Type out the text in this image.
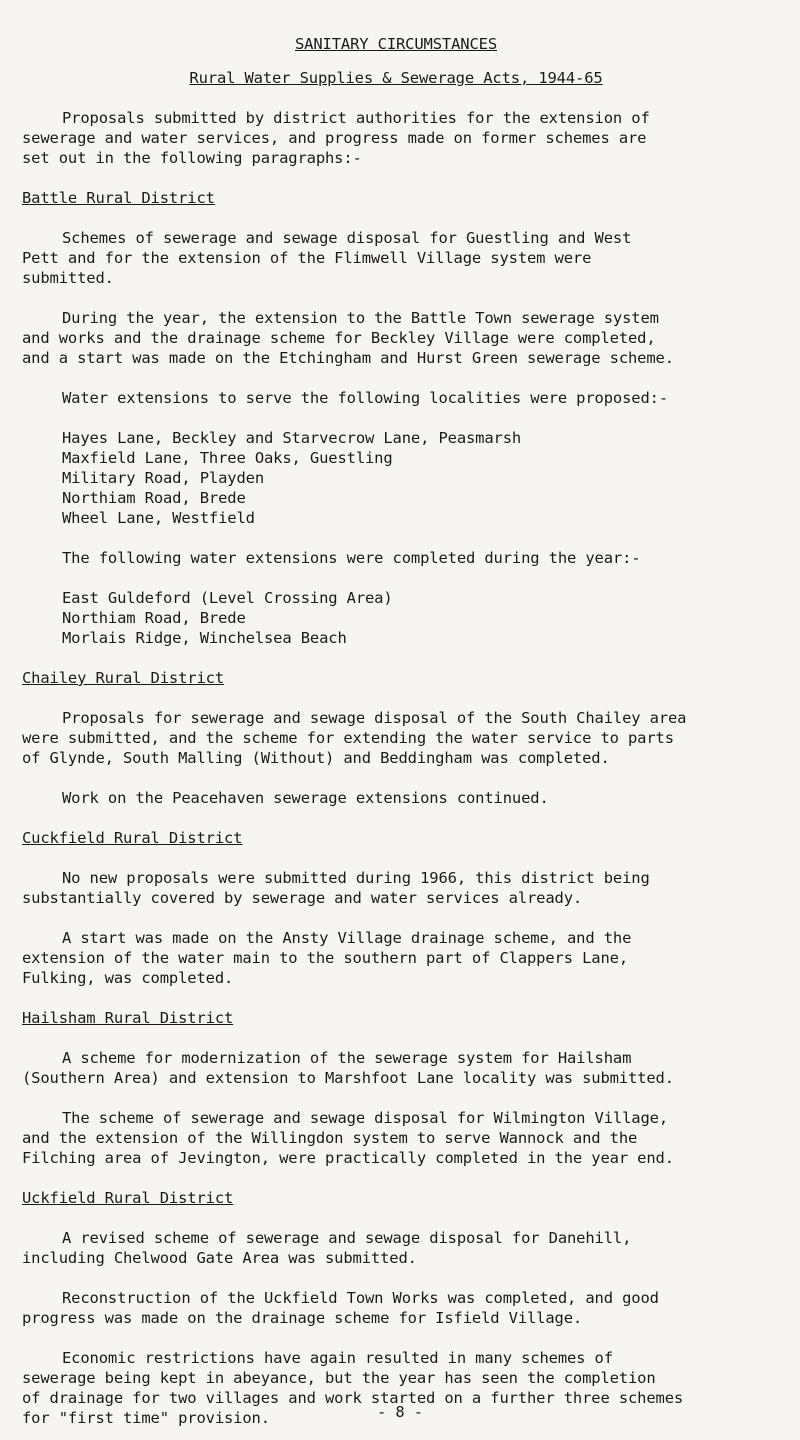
SANITARY CIRCUMSTANCES
Rural Water Supplies & Sewerage Acts, 1944-65

Proposals submitted by district authorities for the extension of
sewerage and water services, and progress made on former schemes are
set out in the following paragraphs:-

Battle Rural District

Schemes of sewerage and sewage disposal for Guestling and West
Pett and for the extension of the Flimwell Village system were
submitted.

During the year, the extension to the Battle Town sewerage system
and works and the drainage scheme for Beckley Village were completed,
and a start was made on the Etchingham and Hurst Green sewerage scheme.

Water extensions to serve the following localities were proposed:-

Hayes Lane, Beckley and Starvecrow Lane, Peasmarsh
Maxfield Lane, Three Oaks, Guestling
Military Road, Playden
Northiam Road, Brede
Wheel Lane, Westfield

The following water extensions were completed during the year:-

East Guldeford (Level Crossing Area)
Northiam Road, Brede
Morlais Ridge, Winchelsea Beach
Chailey Rural District

Proposals for sewerage and sewage disposal of the South Chailey area
were submitted, and the scheme for extending the water service to parts
of Glynde, South Malling (Without) and Beddingham was completed.

Work on the Peacehaven sewerage extensions continued.

Cuckfield Rural District

No new proposals were submitted during 1966, this district being
substantially covered by sewerage and water services already.

A start was made on the Ansty Village drainage scheme, and the
extension of the water main to the southern part of Clappers Lane,
Fulking, was completed.

Hailsham Rural District

A scheme for modernization of the sewerage system for Hailsham
(Southern Area) and extension to Marshfoot Lane locality was submitted.

The scheme of sewerage and sewage disposal for Wilmington Village,
and the extension of the Willingdon system to serve Wannock and the
Filching area of Jevington, were practically completed in the year end.

Uckfield Rural District

A revised scheme of sewerage and sewage disposal for Danehill,
including Chelwood Gate Area was submitted.

Reconstruction of the Uckfield Town Works was completed, and good
progress was made on the drainage scheme for Isfield Village.

Economic restrictions have again resulted in many schemes of
sewerage being kept in abeyance, but the year has seen the completion
of drainage for two villages and work started on a further three schemes
for "first time" provision.	- 8 -
